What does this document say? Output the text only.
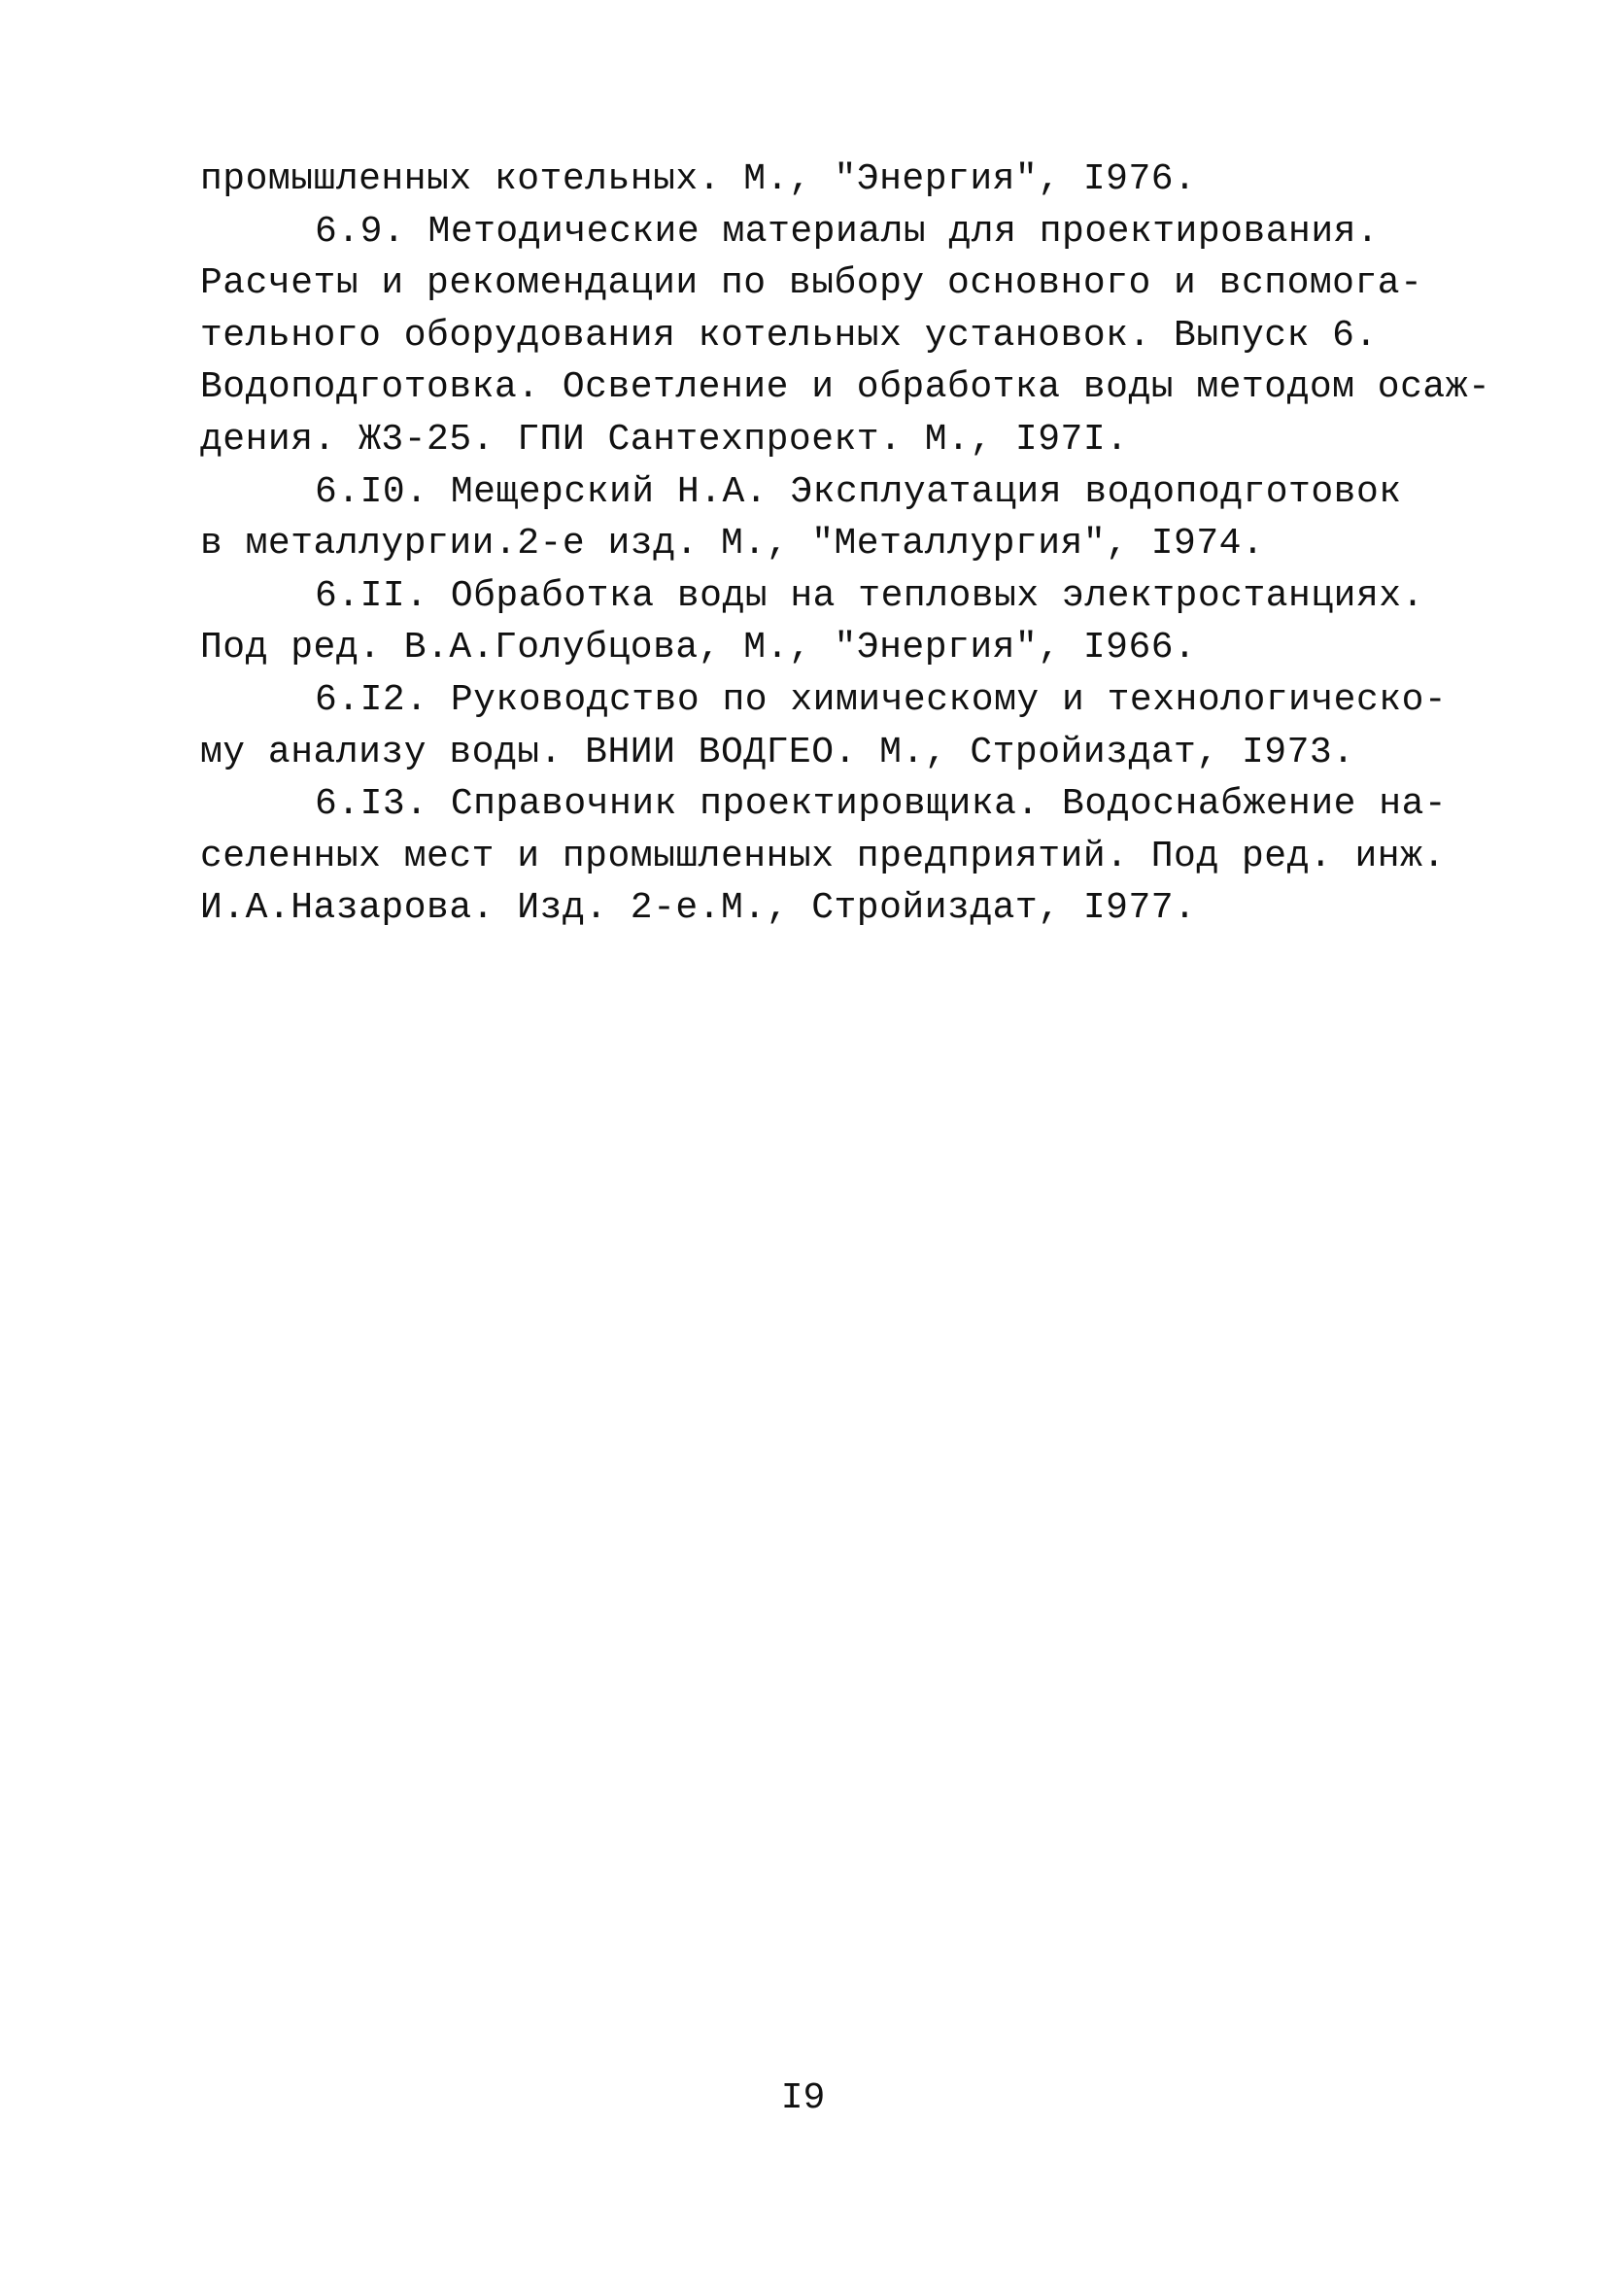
промышленных котельных. М., "Энергия", I976.
6.9. Методические материалы для проектирования.
Расчеты и рекомендации по выбору основного и вспомога-
тельного оборудования котельных установок. Выпуск 6.
Водоподготовка. Осветление и обработка воды методом осаж-
дения. Ж3-25. ГПИ Сантехпроект. М., I97I.
6.I0. Мещерский Н.А. Эксплуатация водоподготовок
в металлургии.2-е изд. М., "Металлургия", I974.
6.II. Обработка воды на тепловых электростанциях.
Под ред. В.А.Голубцова, М., "Энергия", I966.
6.I2. Руководство по химическому и технологическо-
му анализу воды. ВНИИ ВОДГЕО. М., Стройиздат, I973.
6.I3. Справочник проектировщика. Водоснабжение на-
селенных мест и промышленных предприятий. Под ред. инж.
И.А.Назарова. Изд. 2-е.М., Стройиздат, I977.
I9
